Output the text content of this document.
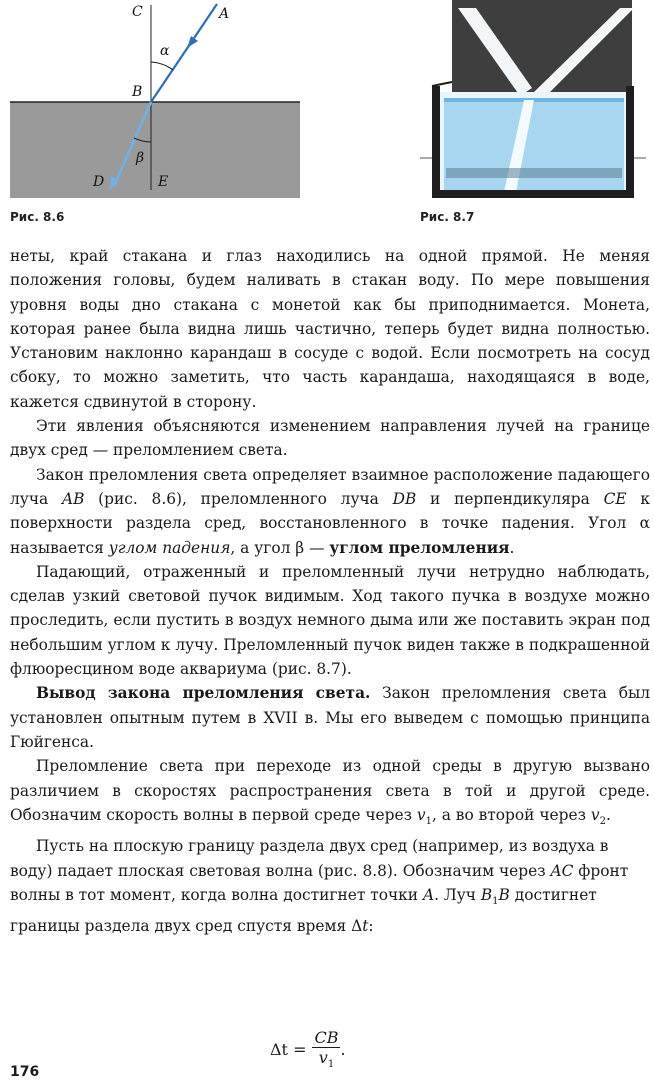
C	A
B
D	E
α
β
Рис. 8.6	Рис. 8.7

неты, край стакана и глаз находились на одной прямой. Не меняя положения головы, будем наливать в стакан воду. По мере повышения уровня воды дно стакана с монетой как бы приподнимается. Монета, которая ранее была видна лишь частично, теперь будет видна полностью. Установим наклонно карандаш в сосуде с водой. Если посмотреть на сосуд сбоку, то можно заметить, что часть карандаша, находящаяся в воде, кажется сдвинутой в сторону.

Эти явления объясняются изменением направления лучей на границе двух сред — преломлением света.

Закон преломления света определяет взаимное расположение падающего луча AB (рис. 8.6), преломленного луча DB и перпендикуляра CE к поверхности раздела сред, восстановленного в точке падения. Угол α называется углом падения, а угол β — углом преломления.

Падающий, отраженный и преломленный лучи нетрудно наблюдать, сделав узкий световой пучок видимым. Ход такого пучка в воздухе можно проследить, если пустить в воздух немного дыма или же поставить экран под небольшим углом к лучу. Преломленный пучок виден также в подкрашенной флюоресцином воде аквариума (рис. 8.7).

Вывод закона преломления света. Закон преломления света был установлен опытным путем в XVII в. Мы его выведем с помощью принципа Гюйгенса.

Преломление света при переходе из одной среды в другую вызвано различием в скоростях распространения света в той и другой среде. Обозначим скорость волны в первой среде через $v_1$, а во второй через $v_2$.

Пусть на плоскую границу раздела двух сред (например, из воздуха в воду) падает плоская световая волна (рис. 8.8). Обозначим через AC фронт волны в тот момент, когда волна достигнет точки A. Луч $B_1B$ достигнет границы раздела двух сред спустя время Δt:

$\Delta t = \frac{CB}{v_1}$ .
176
